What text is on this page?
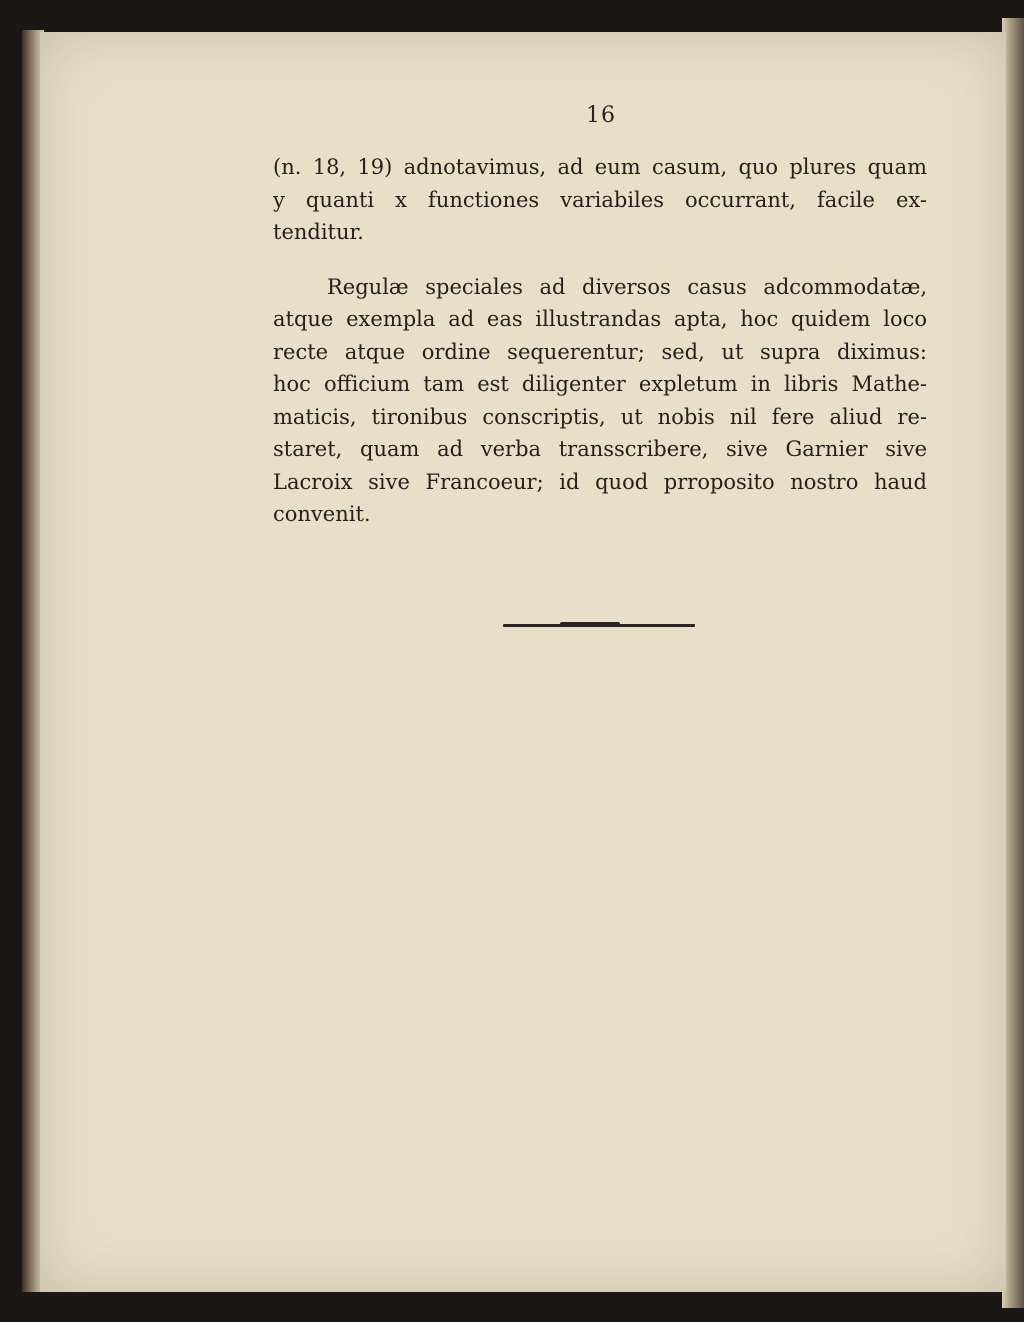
16
(n. 18, 19) adnotavimus, ad eum casum, quo plures quam
y quanti x functiones variabiles occurrant, facile ex-
tenditur.
Regulæ speciales ad diversos casus adcommodatæ,
atque exempla ad eas illustrandas apta, hoc quidem loco
recte atque ordine sequerentur; sed, ut supra diximus:
hoc officium tam est diligenter expletum in libris Mathe-
maticis, tironibus conscriptis, ut nobis nil fere aliud re-
staret, quam ad verba transscribere, sive Garnier sive
Lacroix sive Francoeur; id quod prroposito nostro haud
convenit.
